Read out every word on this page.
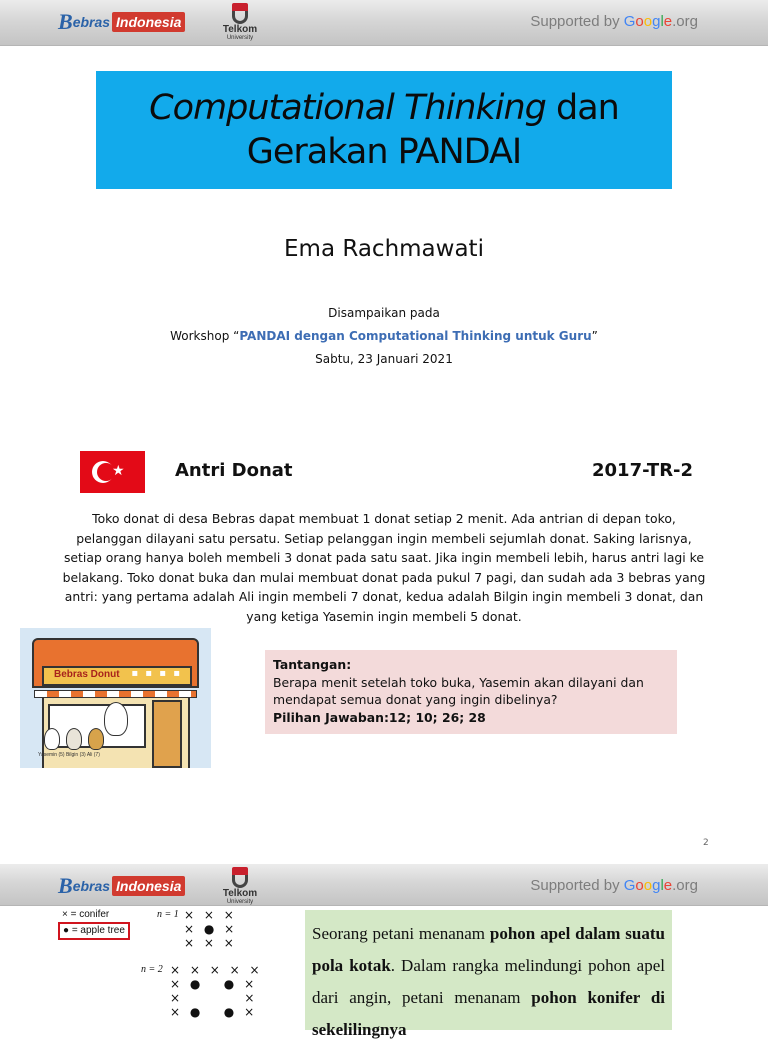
B ebras Indonesia	Telkom
University
Supported by Google.org
Computational Thinking dan
Gerakan PANDAI
Ema Rachmawati
Disampaikan pada
Workshop “PANDAI dengan Computational Thinking untuk Guru”
Sabtu, 23 Januari 2021
★	Antri Donat	2017-TR-2
Toko donat di desa Bebras dapat membuat 1 donat setiap 2 menit. Ada antrian di depan toko, pelanggan dilayani satu persatu. Setiap pelanggan ingin membeli sejumlah donat. Saking larisnya, setiap orang hanya boleh membeli 3 donat pada satu saat. Jika ingin membeli lebih, harus antri lagi ke belakang. Toko donat buka dan mulai membuat donat pada pukul 7 pagi, dan sudah ada 3 bebras yang antri: yang pertama adalah Ali ingin membeli 7 donat, kedua adalah Bilgin ingin membeli 3 donat, dan yang ketiga Yasemin ingin membeli 5 donat.
Bebras Donut ▪ ▪ ▪ ▪
Yasemin (5) Bilgin (3) Ali (7)
Tantangan:
Berapa menit setelah toko buka, Yasemin akan dilayani dan mendapat semua donat yang ingin dibelinya?
Pilihan Jawaban:12; 10; 26; 28
2
B ebras Indonesia	Telkom
University
Supported by Google.org
× = conifer
● = apple tree
n = 1 × × ×
× ● ×
× × ×
n = 2 × × × × ×
× ●   ● ×
×         ×
× ●   ● ×
Seorang petani menanam pohon apel dalam suatu pola kotak. Dalam rangka melindungi pohon apel dari angin, petani menanam pohon konifer di sekelilingnya
